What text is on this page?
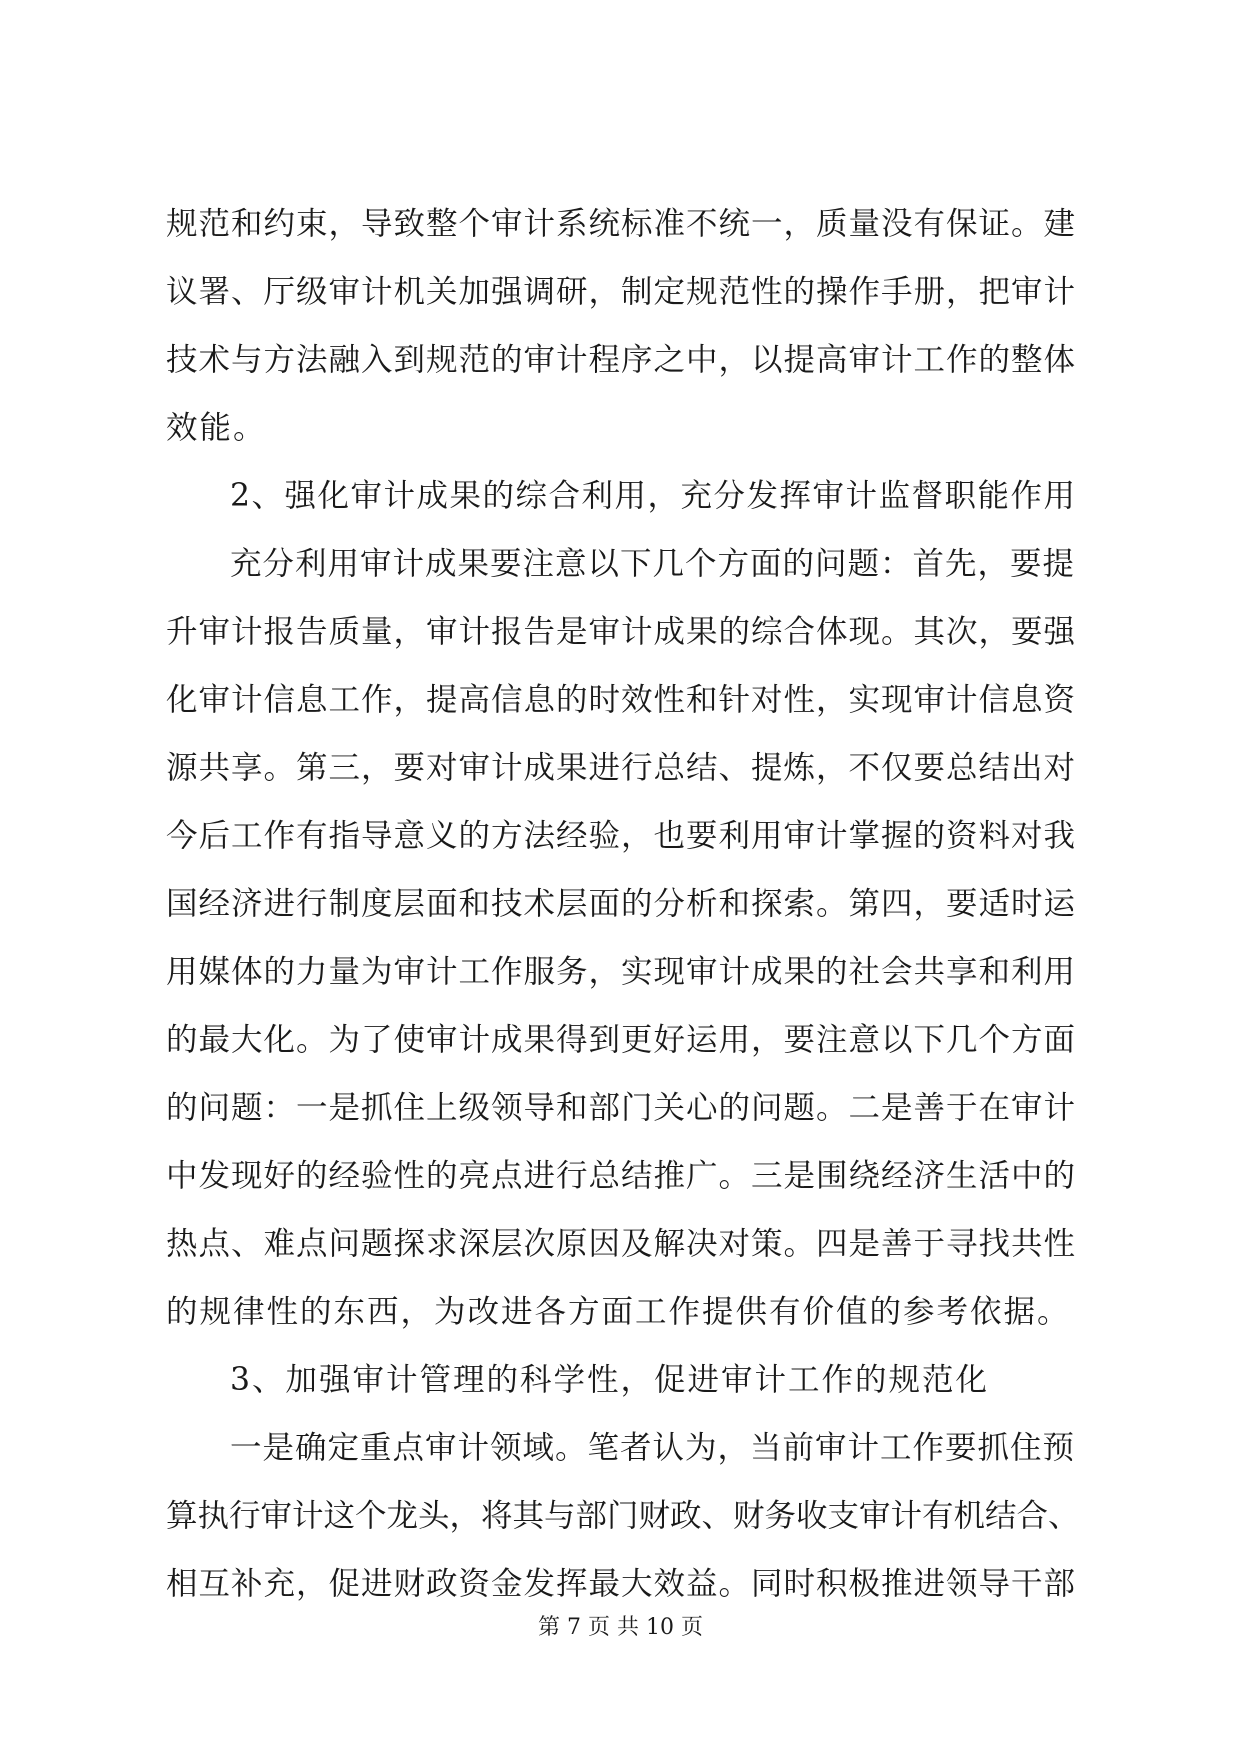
规范和约束，导致整个审计系统标准不统一，质量没有保证。建
议署、厅级审计机关加强调研，制定规范性的操作手册，把审计
技术与方法融入到规范的审计程序之中，以提高审计工作的整体
效能。
2、强化审计成果的综合利用，充分发挥审计监督职能作用
充分利用审计成果要注意以下几个方面的问题：首先，要提
升审计报告质量，审计报告是审计成果的综合体现。其次，要强
化审计信息工作，提高信息的时效性和针对性，实现审计信息资
源共享。第三，要对审计成果进行总结、提炼，不仅要总结出对
今后工作有指导意义的方法经验，也要利用审计掌握的资料对我
国经济进行制度层面和技术层面的分析和探索。第四，要适时运
用媒体的力量为审计工作服务，实现审计成果的社会共享和利用
的最大化。为了使审计成果得到更好运用，要注意以下几个方面
的问题：一是抓住上级领导和部门关心的问题。二是善于在审计
中发现好的经验性的亮点进行总结推广。三是围绕经济生活中的
热点、难点问题探求深层次原因及解决对策。四是善于寻找共性
的规律性的东西，为改进各方面工作提供有价值的参考依据。
3、加强审计管理的科学性，促进审计工作的规范化
一是确定重点审计领域。笔者认为，当前审计工作要抓住预
算执行审计这个龙头，将其与部门财政、财务收支审计有机结合、
相互补充，促进财政资金发挥最大效益。同时积极推进领导干部
第 7 页 共 10 页
